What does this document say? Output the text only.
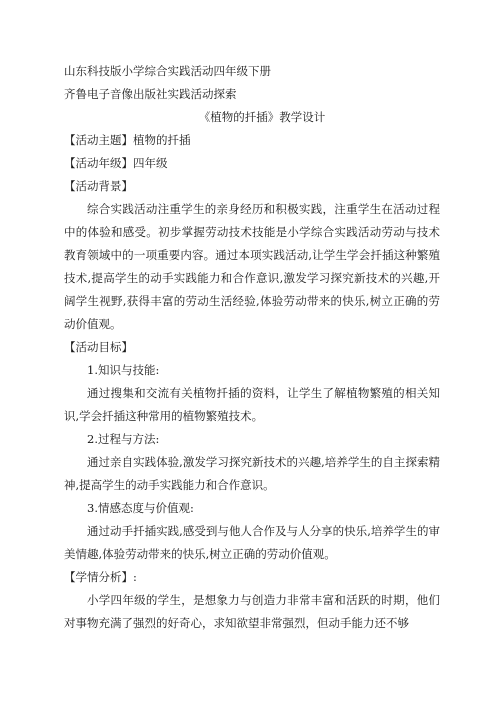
山东科技版小学综合实践活动四年级下册
齐鲁电子音像出版社实践活动探索
《植物的扦插》教学设计
【活动主题】植物的扦插
【活动年级】四年级
【活动背景】

综合实践活动注重学生的亲身经历和积极实践，注重学生在活动过程中的体验和感受。初步掌握劳动技术技能是小学综合实践活动劳动与技术教育领域中的一项重要内容。通过本项实践活动,让学生学会扦插这种繁殖技术,提高学生的动手实践能力和合作意识,激发学习探究新技术的兴趣,开阔学生视野,获得丰富的劳动生活经验,体验劳动带来的快乐,树立正确的劳动价值观。

【活动目标】
1.知识与技能:

通过搜集和交流有关植物扦插的资料，让学生了解植物繁殖的相关知识,学会扦插这种常用的植物繁殖技术。

2.过程与方法:

通过亲自实践体验,激发学习探究新技术的兴趣,培养学生的自主探索精神,提高学生的动手实践能力和合作意识。

3.情感态度与价值观:

通过动手扦插实践,感受到与他人合作及与人分享的快乐,培养学生的审美情趣,体验劳动带来的快乐,树立正确的劳动价值观。

【学情分析】:

小学四年级的学生，是想象力与创造力非常丰富和活跃的时期，他们对事物充满了强烈的好奇心，求知欲望非常强烈，但动手能力还不够
